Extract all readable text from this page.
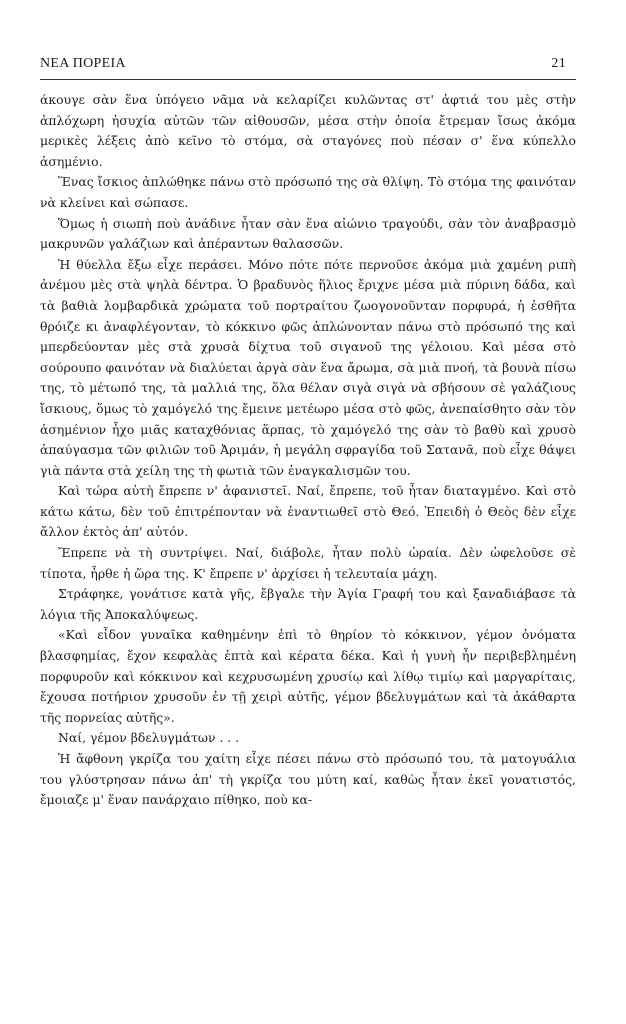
ΝΕΑ ΠΟΡΕΙΑ	21

άκουγε σὰν ἕνα ὑπόγειο νᾶμα νὰ κελαρίζει κυλῶντας στ' ἀφτιά του μὲς στὴν ἀπλόχωρη ἡσυχία αὐτῶν τῶν αἰθουσῶν, μέσα στὴν ὁποία ἔτρεμαν ἴσως ἀκόμα μερικὲς λέξεις ἀπὸ κεῖνο τὸ στόμα, σὰ σταγόνες ποὺ πέσαν σ' ἕνα κύπελλο ἀσημένιο.

Ἕνας ἴσκιος ἁπλώθηκε πάνω στὸ πρόσωπό της σὰ θλίψη. Τὸ στόμα της φαινόταν νὰ κλείνει καὶ σώπασε.

Ὅμως ἡ σιωπὴ ποὺ ἀνάδινε ἦταν σὰν ἕνα αἰώνιο τραγούδι, σὰν τὸν ἀναβρασμὸ μακρυνῶν γαλάζιων καὶ ἀπέραντων θαλασσῶν.

Ἡ θύελλα ἔξω εἶχε περάσει. Μόνο πότε πότε περνοῦσε ἀκόμα μιὰ χαμένη ριπὴ ἀνέμου μὲς στὰ ψηλὰ δέντρα. Ὁ βραδυνὸς ἥλιος ἔριχνε μέσα μιὰ πύρινη δάδα, καὶ τὰ βαθιὰ λομβαρδικὰ χρώματα τοῦ πορτραίτου ζωογονοῦνταν πορφυρά, ἡ ἐσθῆτα θρόιζε κι ἀναφλέγονταν, τὸ κόκκινο φῶς ἁπλώνονταν πάνω στὸ πρόσωπό της καὶ μπερδεύονταν μὲς στὰ χρυσὰ δίχτυα τοῦ σιγανοῦ της γέλοιου. Καὶ μέσα στὸ σούρουπο φαινόταν νὰ διαλύεται ἀργὰ σὰν ἕνα ἄρωμα, σὰ μιὰ πνοή, τὰ βουνὰ πίσω της, τὸ μέτωπό της, τὰ μαλλιά της, ὅλα θέλαν σιγὰ σιγὰ νὰ σβήσουν σὲ γαλάζιους ἴσκιους, ὅμως τὸ χαμόγελό της ἔμεινε μετέωρο μέσα στὸ φῶς, ἀνεπαίσθητο σὰν τὸν ἀσημένιον ἦχο μιᾶς καταχθόνιας ἅρπας, τὸ χαμόγελό της σὰν τὸ βαθὺ καὶ χρυσὸ ἀπαύγασμα τῶν φιλιῶν τοῦ Ἀριμάν, ἡ μεγάλη σφραγίδα τοῦ Σατανᾶ, ποὺ εἶχε θάψει γιὰ πάντα στὰ χείλη της τὴ φωτιὰ τῶν ἐναγκαλισμῶν του.

Καὶ τώρα αὐτὴ ἔπρεπε ν' ἀφανιστεῖ. Ναί, ἔπρεπε, τοῦ ἦταν διαταγμένο. Καὶ στὸ κάτω κάτω, δὲν τοῦ ἐπιτρέπονταν νὰ ἐναντιωθεῖ στὸ Θεό. Ἐπειδὴ ὁ Θεὸς δὲν εἶχε ἄλλον ἐκτὸς ἀπ' αὐτόν.

Ἔπρεπε νὰ τὴ συντρίψει. Ναί, διάβολε, ἦταν πολὺ ὡραία. Δὲν ὠφελοῦσε σὲ τίποτα, ἦρθε ἡ ὥρα της. Κ' ἔπρεπε ν' ἀρχίσει ἡ τελευταία μάχη.

Στράφηκε, γονάτισε κατὰ γῆς, ἔβγαλε τὴν Ἁγία Γραφή του καὶ ξαναδιάβασε τὰ λόγια τῆς Ἀποκαλύψεως.

«Καὶ εἶδον γυναῖκα καθημένην ἐπὶ τὸ θηρίον τὸ κόκκινον, γέμον ὀνόματα βλασφημίας, ἔχον κεφαλὰς ἑπτὰ καὶ κέρατα δέκα. Καὶ ἡ γυνὴ ἦν περιβεβλημένη πορφυροῦν καὶ κόκκινον καὶ κεχρυσωμένη χρυσίῳ καὶ λίθῳ τιμίῳ καὶ μαργαρίταις, ἔχουσα ποτήριον χρυσοῦν ἐν τῇ χειρὶ αὐτῆς, γέμον βδελυγμάτων καὶ τὰ ἀκάθαρτα τῆς πορνείας αὐτῆς».

Ναί, γέμον βδελυγμάτων . . .

Ἡ ἄφθονη γκρίζα του χαίτη εἶχε πέσει πάνω στὸ πρόσωπό του, τὰ ματογυάλια του γλύστρησαν πάνω ἀπ' τὴ γκρίζα του μύτη καί, καθὼς ἦταν ἐκεῖ γονατιστός, ἔμοιαζε μ' ἕναν πανάρχαιο πίθηκο, ποὺ κα-
